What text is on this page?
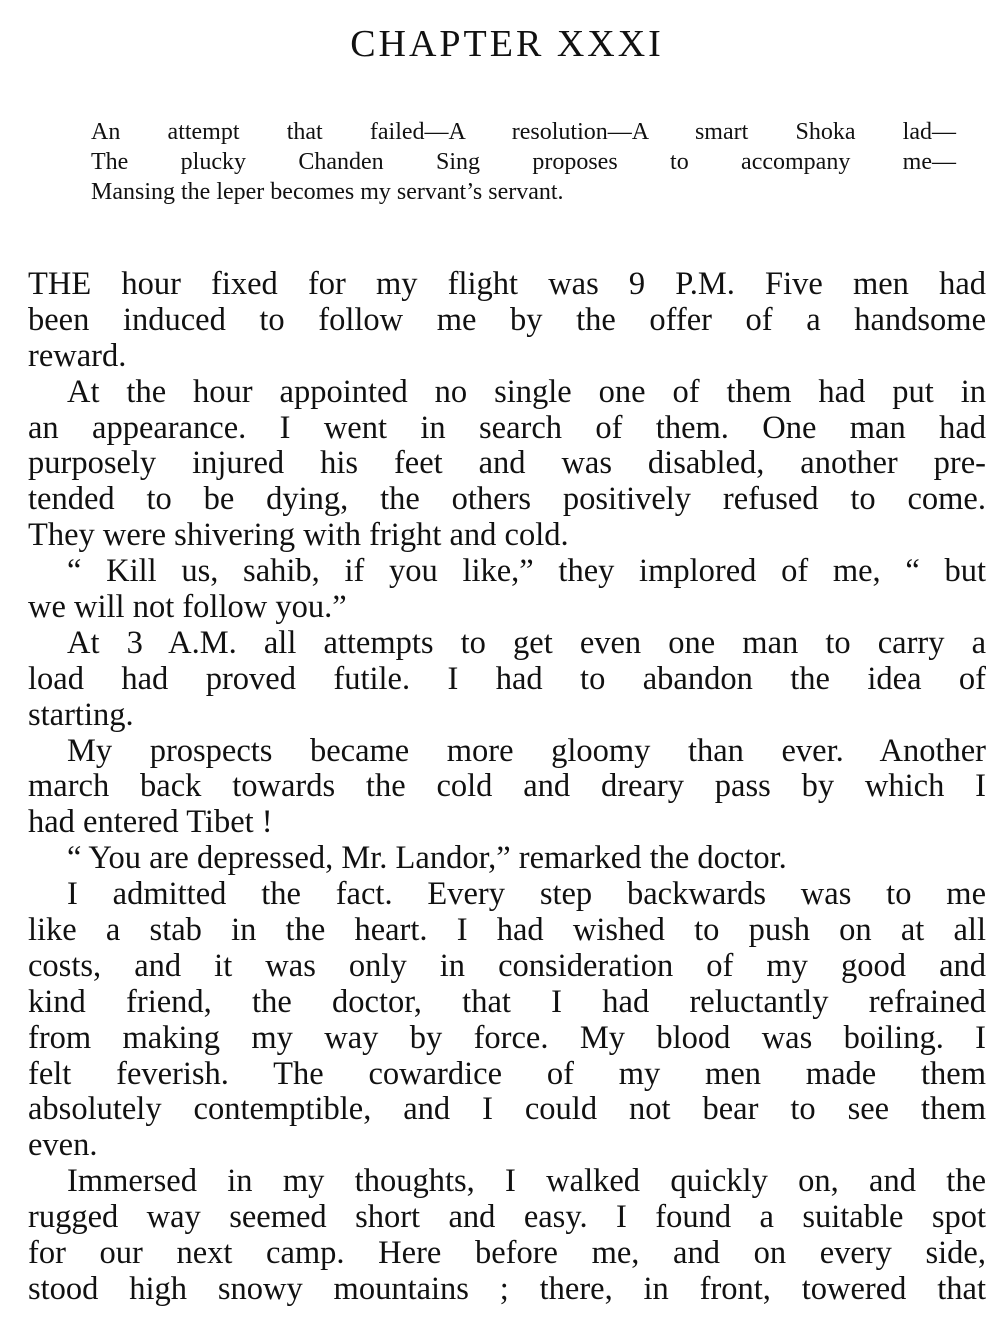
CHAPTER XXXI
An attempt that failed—A resolution—A smart Shoka lad—
The plucky Chanden Sing proposes to accompany me—
Mansing the leper becomes my servant’s servant.
THE hour fixed for my flight was 9 P.M. Five men had
been induced to follow me by the offer of a handsome
reward.
At the hour appointed no single one of them had put in
an appearance. I went in search of them. One man had
purposely injured his feet and was disabled, another pre-
tended to be dying, the others positively refused to come.
They were shivering with fright and cold.
“ Kill us, sahib, if you like,” they implored of me, “ but
we will not follow you.”
At 3 A.M. all attempts to get even one man to carry a
load had proved futile. I had to abandon the idea of
starting.
My prospects became more gloomy than ever. Another
march back towards the cold and dreary pass by which I
had entered Tibet !
“ You are depressed, Mr. Landor,” remarked the doctor.
I admitted the fact. Every step backwards was to me
like a stab in the heart. I had wished to push on at all
costs, and it was only in consideration of my good and
kind friend, the doctor, that I had reluctantly refrained
from making my way by force. My blood was boiling. I
felt feverish. The cowardice of my men made them
absolutely contemptible, and I could not bear to see them
even.
Immersed in my thoughts, I walked quickly on, and the
rugged way seemed short and easy. I found a suitable spot
for our next camp. Here before me, and on every side,
stood high snowy mountains ; there, in front, towered that
